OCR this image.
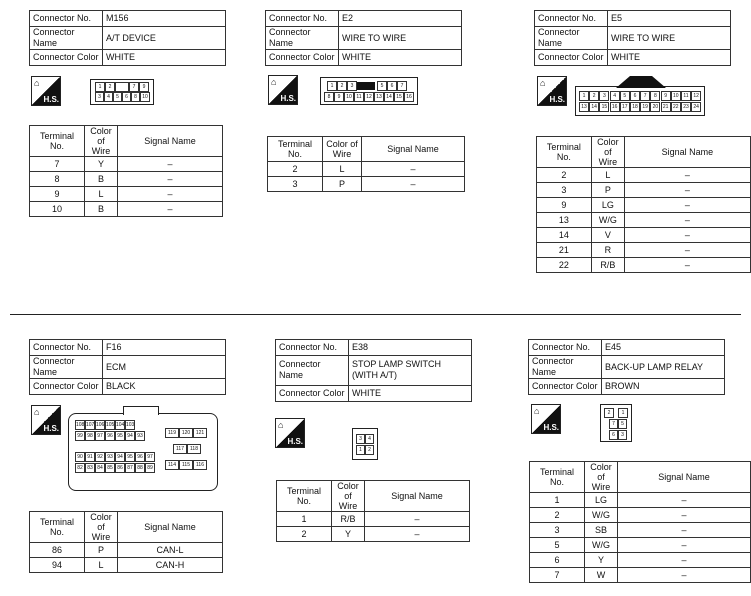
Connector No.	M156
Connector Name	A/T DEVICE
Connector Color	WHITE
⌂
H.S.
1	2	7	9
3	4	5	6	8	10
Terminal No.	Color of Wire	Signal Name
7	Y	–
8	B	–
9	L	–
10	B	–
Connector No.	E2
Connector Name	WIRE TO WIRE
Connector Color	WHITE
⌂
H.S.
1	2	3	5	6	7
8	9	10 11 12 13 14 15 16
Terminal No.	Color of Wire	Signal Name
2	L	–
3	P	–
Connector No.	E5
Connector Name	WIRE TO WIRE
Connector Color	WHITE
⌂
H.S.	1	2	3	4	5	6	7	8	9	10 11 12
13 14 15 16 17 18 19 20 21 22 23 24
Terminal No.	Color of Wire	Signal Name
2	L	–
3	P	–
9	LG	–
13	W/G	–
14	V	–
21	R	–
22	R/B	–
Connector No.	F16
Connector Name	ECM
Connector Color	BLACK
⌂
H.S.	108 107 106 105 104 103
99 98 97 96 95 94 93
90 91 92 93 94 95 96 97
82 83 84 85 86 87 88 89
119	120	121
117	118
114	115	116
Terminal No.	Color of Wire	Signal Name
86	P	CAN-L
94	L	CAN-H
Connector No.	E38
Connector Name	STOP LAMP SWITCH (WITH A/T)
Connector Color	WHITE
⌂
H.S.	3	4
1	2
Terminal No.	Color of Wire	Signal Name
1	R/B	–
2	Y	–
Connector No.	E45
Connector Name	BACK-UP LAMP RELAY
Connector Color	BROWN
⌂
H.S.
2	1
7	5
6	3
Terminal No.	Color of Wire	Signal Name
1	LG	–
2	W/G	–
3	SB	–
5	W/G	–
6	Y	–
7	W	–
